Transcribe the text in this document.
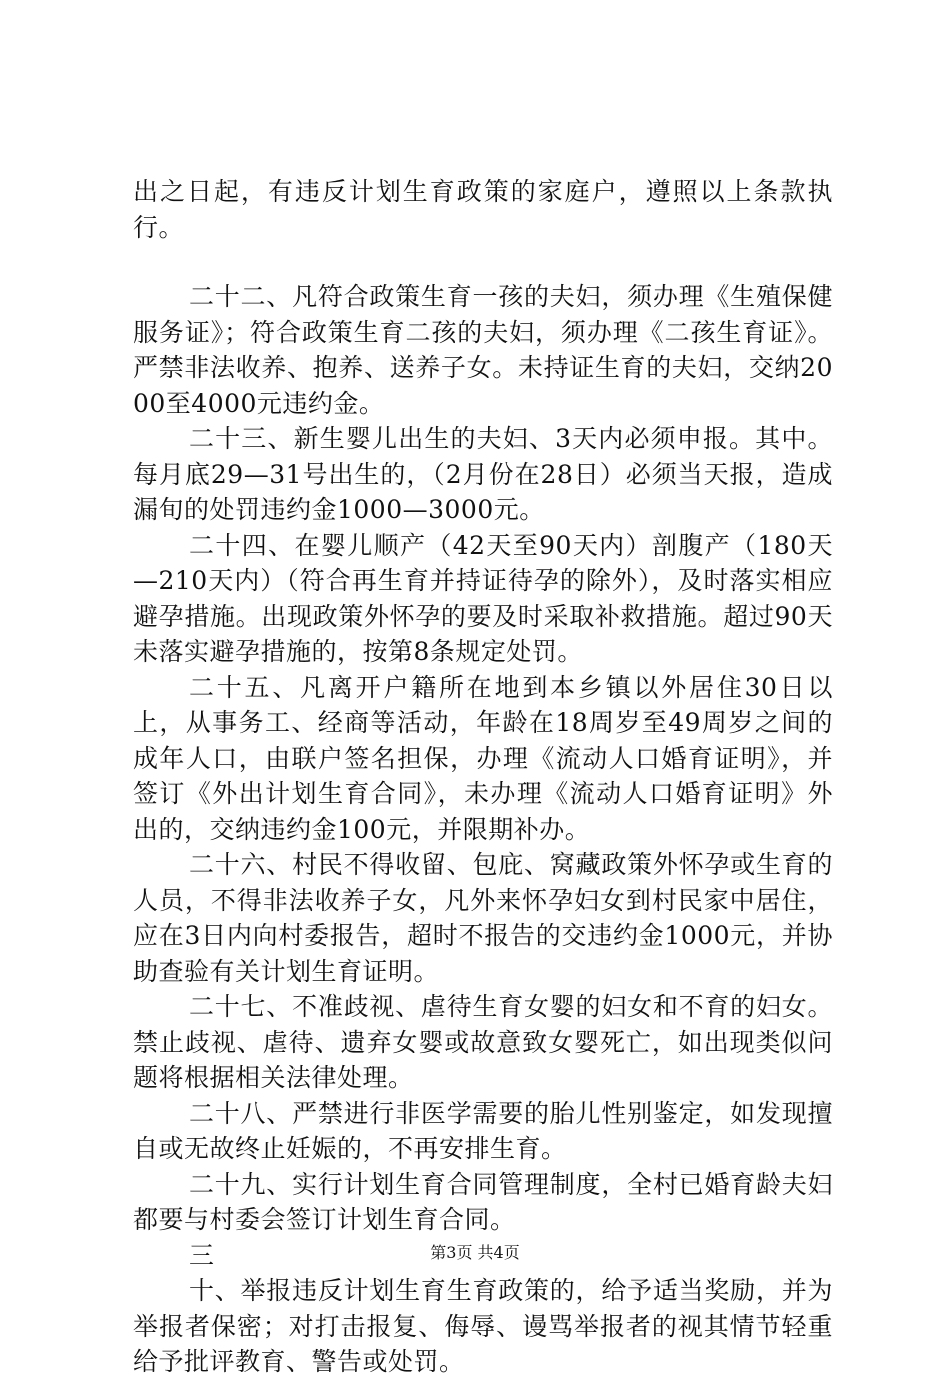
出之日起，有违反计划生育政策的家庭户，遵照以上条款执行。

二十二、凡符合政策生育一孩的夫妇，须办理《生殖保健服务证》；符合政策生育二孩的夫妇，须办理《二孩生育证》。严禁非法收养、抱养、送养子女。未持证生育的夫妇，交纳2000至4000元违约金。

二十三、新生婴儿出生的夫妇、3天内必须申报。其中。每月底29—31号出生的，（2月份在28日）必须当天报，造成漏旬的处罚违约金1000—3000元。

二十四、在婴儿顺产（42天至90天内）剖腹产（180天—210天内）（符合再生育并持证待孕的除外），及时落实相应避孕措施。出现政策外怀孕的要及时采取补救措施。超过90天未落实避孕措施的，按第8条规定处罚。

二十五、凡离开户籍所在地到本乡镇以外居住30日以上，从事务工、经商等活动，年龄在18周岁至49周岁之间的成年人口，由联户签名担保，办理《流动人口婚育证明》，并签订《外出计划生育合同》，未办理《流动人口婚育证明》外出的，交纳违约金100元，并限期补办。

二十六、村民不得收留、包庇、窝藏政策外怀孕或生育的人员，不得非法收养子女，凡外来怀孕妇女到村民家中居住，应在3日内向村委报告，超时不报告的交违约金1000元，并协助查验有关计划生育证明。

二十七、不准歧视、虐待生育女婴的妇女和不育的妇女。禁止歧视、虐待、遗弃女婴或故意致女婴死亡，如出现类似问题将根据相关法律处理。

二十八、严禁进行非医学需要的胎儿性别鉴定，如发现擅自或无故终止妊娠的，不再安排生育。

二十九、实行计划生育合同管理制度，全村已婚育龄夫妇都要与村委会签订计划生育合同。

三

十、举报违反计划生育生育政策的，给予适当奖励，并为举报者保密；对打击报复、侮辱、谩骂举报者的视其情节轻重给予批评教育、警告或处罚。

第3页 共4页
